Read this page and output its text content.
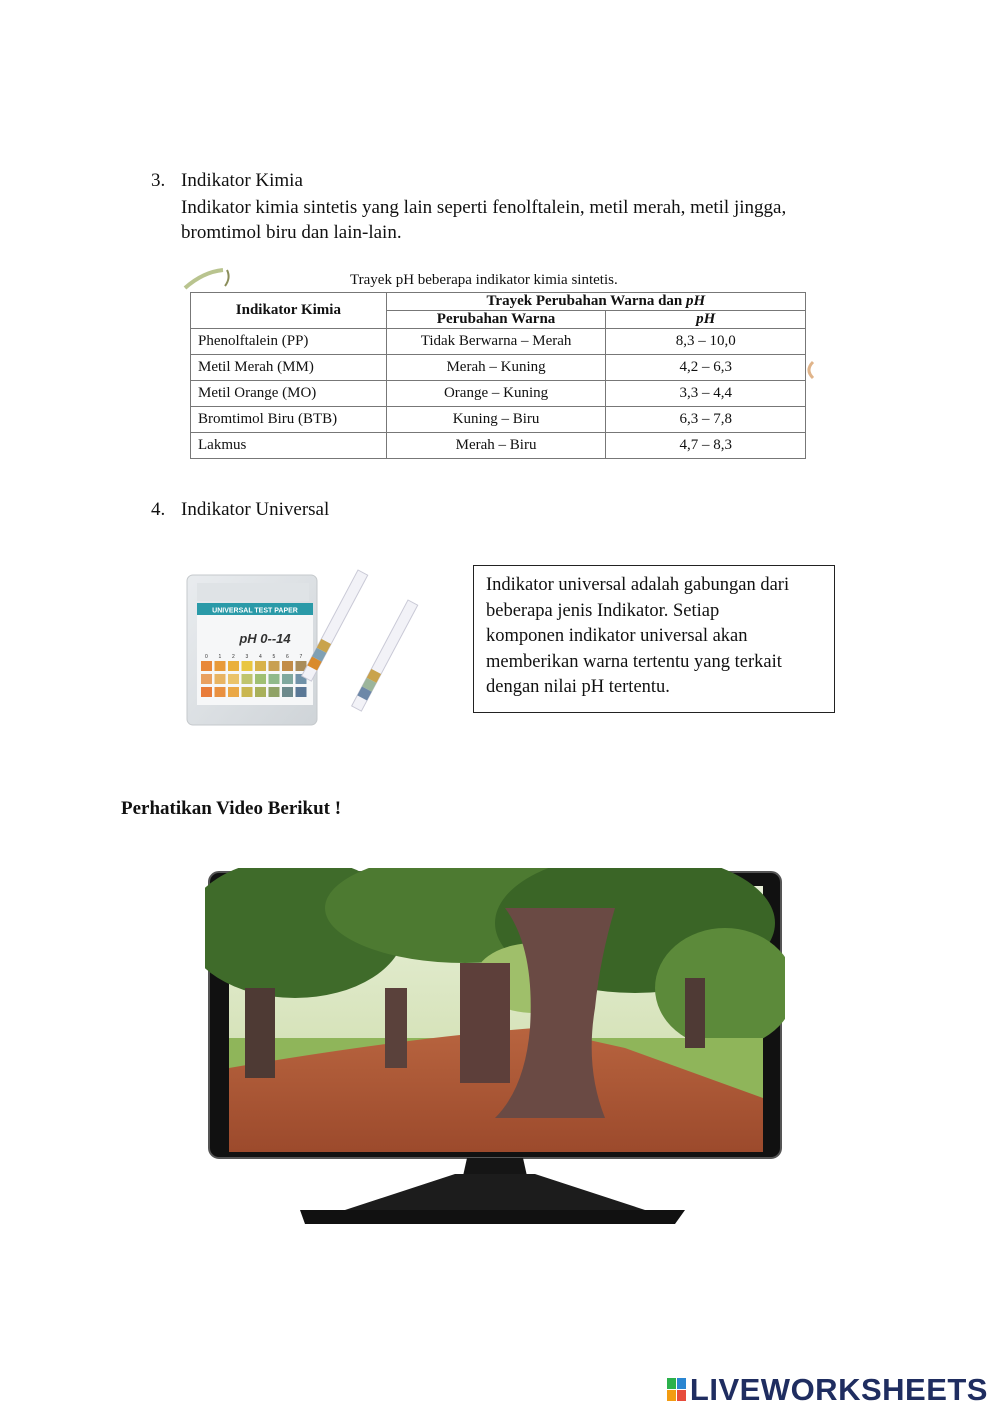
3. Indikator Kimia
Indikator kimia sintetis yang lain seperti fenolftalein, metil merah, metil jingga,
bromtimol biru dan lain-lain.
Trayek pH beberapa indikator kimia sintetis.
Indikator Kimia	Trayek Perubahan Warna dan pH	
	Perubahan Warna	pH
Phenolftalein (PP)	Tidak Berwarna – Merah	8,3 – 10,0
Metil Merah (MM)	Merah – Kuning	4,2 – 6,3
Metil Orange (MO)	Orange – Kuning	3,3 – 4,4
Bromtimol Biru (BTB)	Kuning – Biru	6,3 – 7,8
Lakmus	Merah – Biru	4,7 – 8,3
4. Indikator Universal
UNIVERSAL TEST PAPER
pH 0--14
0 1 2 3 4 5 6 7
Indikator universal adalah gabungan dari
beberapa jenis Indikator. Setiap
komponen indikator universal akan
memberikan warna tertentu yang terkait
dengan nilai pH tertentu.
Perhatikan Video Berikut !
LIVEWORKSHEETS
